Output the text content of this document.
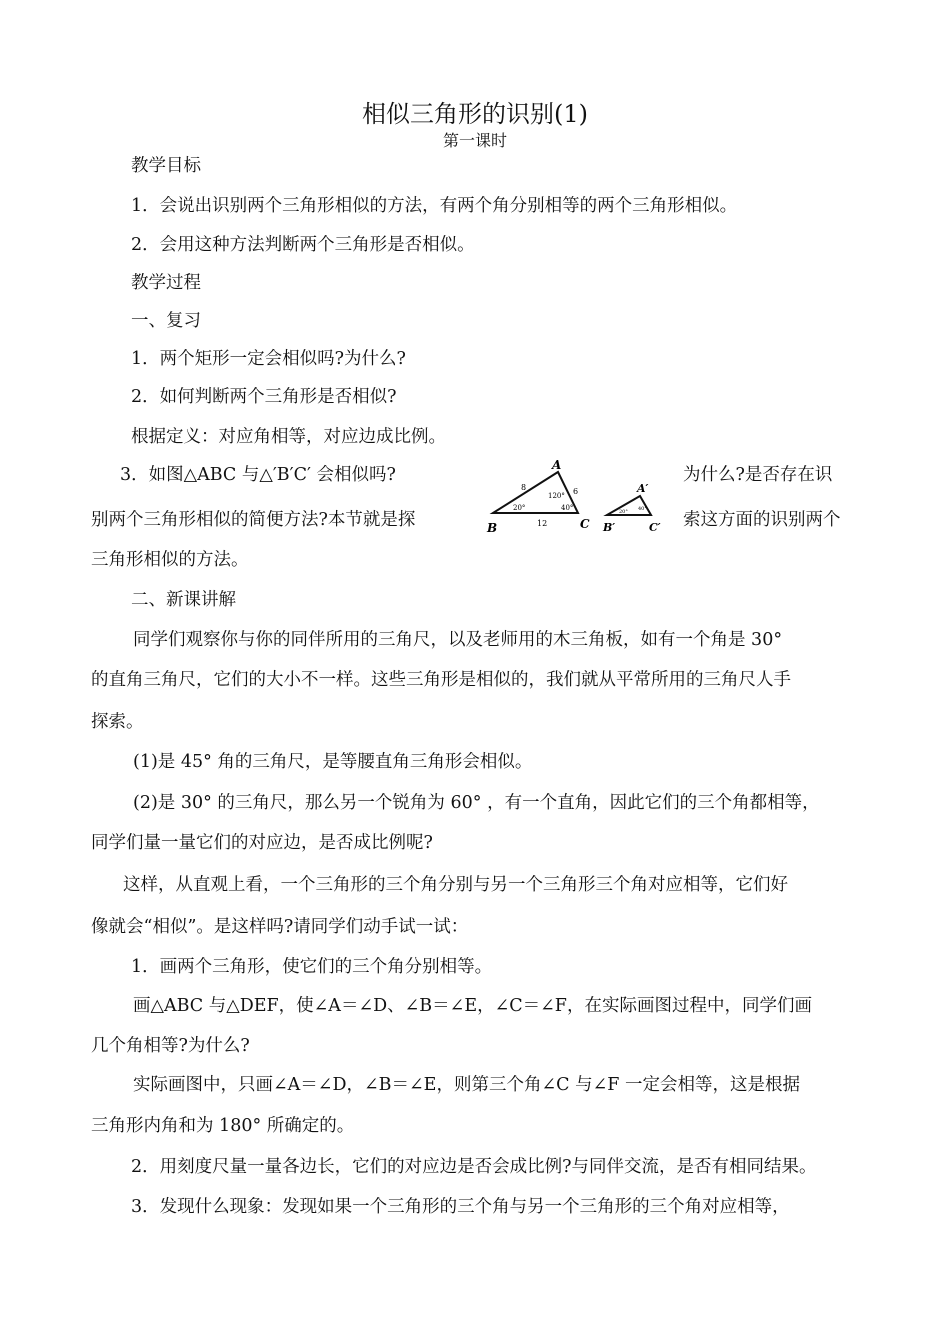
相似三角形的识别(1)
第一课时
教学目标
1．会说出识别两个三角形相似的方法，有两个角分别相等的两个三角形相似。
2．会用这种方法判断两个三角形是否相似。
教学过程
一、复习
1．两个矩形一定会相似吗?为什么?
2．如何判断两个三角形是否相似?
根据定义：对应角相等，对应边成比例。
3．如图△ABC 与△′B′C′ 会相似吗?	为什么?是否存在识
别两个三角形相似的简便方法?本节就是探	索这方面的识别两个
三角形相似的方法。
A
B	C
8	6
12
120°
20°	40°
A′
B′	C′
20° 40°
二、新课讲解
同学们观察你与你的同伴所用的三角尺，以及老师用的木三角板，如有一个角是 30°
的直角三角尺，它们的大小不一样。这些三角形是相似的，我们就从平常所用的三角尺人手
探索。
(1)是 45° 角的三角尺，是等腰直角三角形会相似。
(2)是 30° 的三角尺，那么另一个锐角为 60° ，有一个直角，因此它们的三个角都相等，
同学们量一量它们的对应边，是否成比例呢?
这样，从直观上看，一个三角形的三个角分别与另一个三角形三个角对应相等，它们好
像就会“相似”。是这样吗?请同学们动手试一试：
1．画两个三角形，使它们的三个角分别相等。
画△ABC 与△DEF，使∠A＝∠D、∠B＝∠E，∠C＝∠F，在实际画图过程中，同学们画
几个角相等?为什么?
实际画图中，只画∠A＝∠D，∠B＝∠E，则第三个角∠C 与∠F 一定会相等，这是根据
三角形内角和为 180° 所确定的。
2．用刻度尺量一量各边长，它们的对应边是否会成比例?与同伴交流，是否有相同结果。
3．发现什么现象：发现如果一个三角形的三个角与另一个三角形的三个角对应相等，
